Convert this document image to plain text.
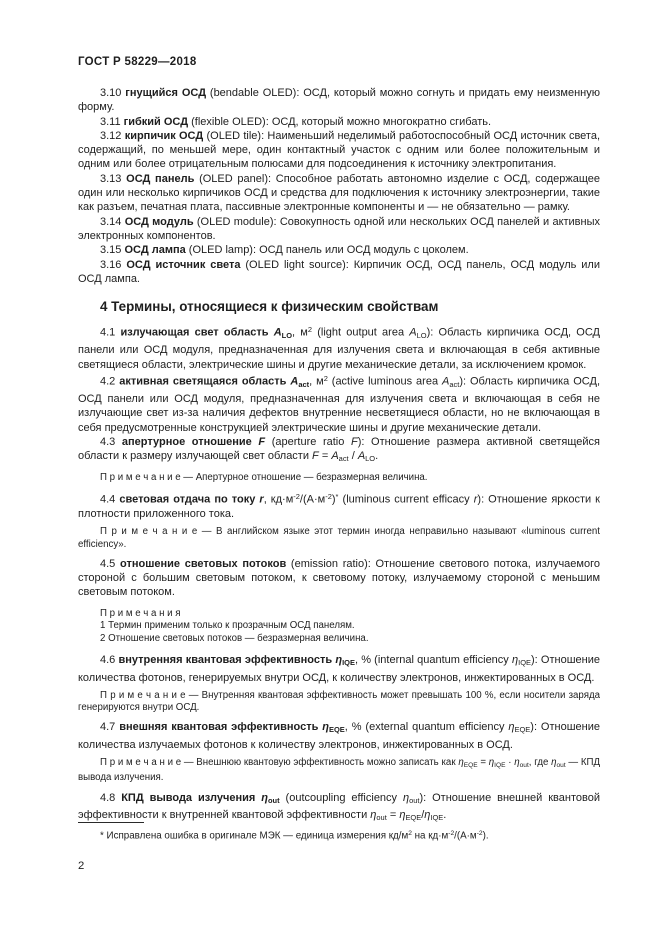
ГОСТ Р 58229—2018
3.10 гнущийся ОСД (bendable OLED): ОСД, который можно согнуть и придать ему неизменную форму.
3.11 гибкий ОСД (flexible OLED): ОСД, который можно многократно сгибать.
3.12 кирпичик ОСД (OLED tile): Наименьший неделимый работоспособный ОСД источник света, содержащий, по меньшей мере, один контактный участок с одним или более положительным и одним или более отрицательным полюсами для подсоединения к источнику электропитания.
3.13 ОСД панель (OLED panel): Способное работать автономно изделие с ОСД, содержащее один или несколько кирпичиков ОСД и средства для подключения к источнику электроэнергии, такие как разъем, печатная плата, пассивные электронные компоненты и — не обязательно — рамку.
3.14 ОСД модуль (OLED module): Совокупность одной или нескольких ОСД панелей и активных электронных компонентов.
3.15 ОСД лампа (OLED lamp): ОСД панель или ОСД модуль с цоколем.
3.16 ОСД источник света (OLED light source): Кирпичик ОСД, ОСД панель, ОСД модуль или ОСД лампа.
4 Термины, относящиеся к физическим свойствам
4.1 излучающая свет область $A_{LO}$, $м^2$ (light output area $A_{LO}$): Область кирпичика ОСД, ОСД панели или ОСД модуля, предназначенная для излучения света и включающая в себя активные светящиеся области, электрические шины и другие механические детали, за исключением кромок.
4.2 активная светящаяся область $A_{act}$, $м^2$ (active luminous area $A_{act}$): Область кирпичика ОСД, ОСД панели или ОСД модуля, предназначенная для излучения света и включающая в себя не излучающие свет из-за наличия дефектов внутренние несветящиеся области, но не включающая в себя предусмотренные конструкцией электрические шины и другие механические детали.
4.3 апертурное отношение F (aperture ratio F): Отношение размера активной светящейся области к размеру излучающей свет области $F = A_{act} / A_{LO}$.
П р и м е ч а н и е — Апертурное отношение — безразмерная величина.
4.4 световая отдача по току r, $кд\cdot м^{-2}/(А\cdot м^{-2})^*$ (luminous current efficacy r): Отношение яркости к плотности приложенного тока.
П р и м е ч а н и е — В английском языке этот термин иногда неправильно называют «luminous current efficiency».
4.5 отношение световых потоков (emission ratio): Отношение светового потока, излучаемого стороной с большим световым потоком, к световому потоку, излучаемому стороной с меньшим световым потоком.
П р и м е ч а н и я
1 Термин применим только к прозрачным ОСД панелям.
2 Отношение световых потоков — безразмерная величина.
4.6 внутренняя квантовая эффективность $\eta_{IQE}$, % (internal quantum efficiency $\eta_{IQE}$): Отношение количества фотонов, генерируемых внутри ОСД, к количеству электронов, инжектированных в ОСД.
П р и м е ч а н и е — Внутренняя квантовая эффективность может превышать 100 %, если носители заряда генерируются внутри ОСД.
4.7 внешняя квантовая эффективность $\eta_{EQE}$, % (external quantum efficiency $\eta_{EQE}$): Отношение количества излучаемых фотонов к количеству электронов, инжектированных в ОСД.
П р и м е ч а н и е — Внешнюю квантовую эффективность можно записать как $\eta_{EQE} = \eta_{IQE} \cdot \eta_{out}$, где $\eta_{out}$ — КПД вывода излучения.
4.8 КПД вывода излучения $\eta_{out}$ (outcoupling efficiency $\eta_{out}$): Отношение внешней квантовой эффективности к внутренней квантовой эффективности $\eta_{out} = \eta_{EQE}/\eta_{IQE}$.
* Исправлена ошибка в оригинале МЭК — единица измерения $кд/м^2$ на $кд\cdot м^{-2}/(А\cdot м^{-2})$.
2
